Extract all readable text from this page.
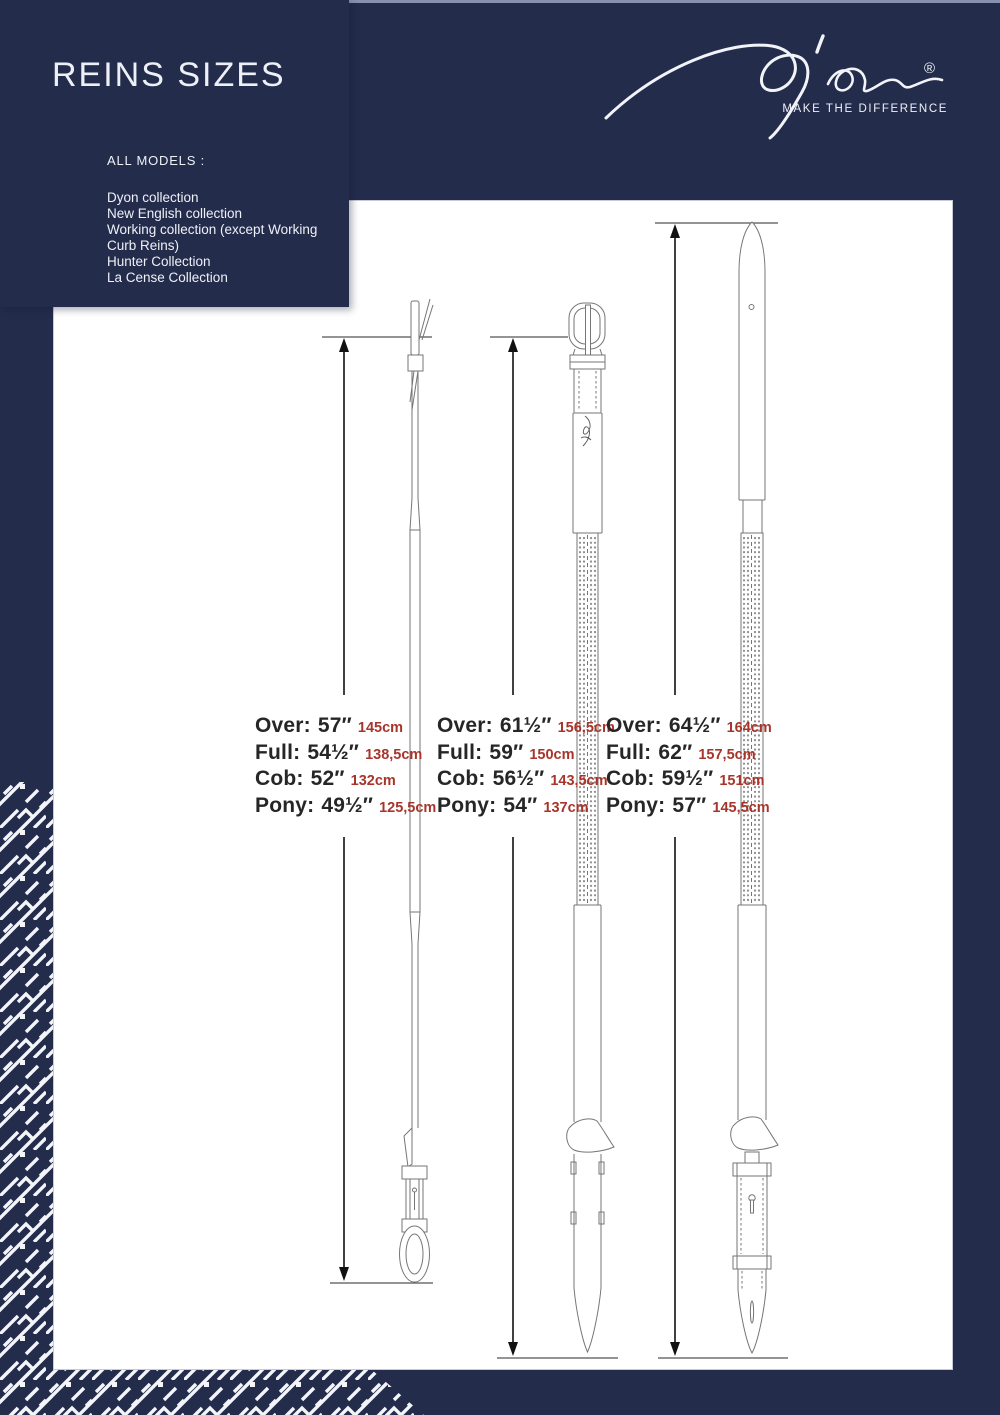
ALL MODELS :
Dyon collection
New English collection
Working collection (except Working Curb Reins)
Hunter Collection
La Cense Collection
REINS SIZES	®
MAKE THE DIFFERENCE
Over: 57″ 145cm
Full: 54½″ 138,5cm
Cob: 52″ 132cm
Pony: 49½″ 125,5cm
Over: 61½″ 156,5cm
Full: 59″ 150cm
Cob: 56½″ 143,5cm
Pony: 54″ 137cm
Over: 64½″ 164cm
Full: 62″ 157,5cm
Cob: 59½″ 151cm
Pony: 57″ 145,5cm
